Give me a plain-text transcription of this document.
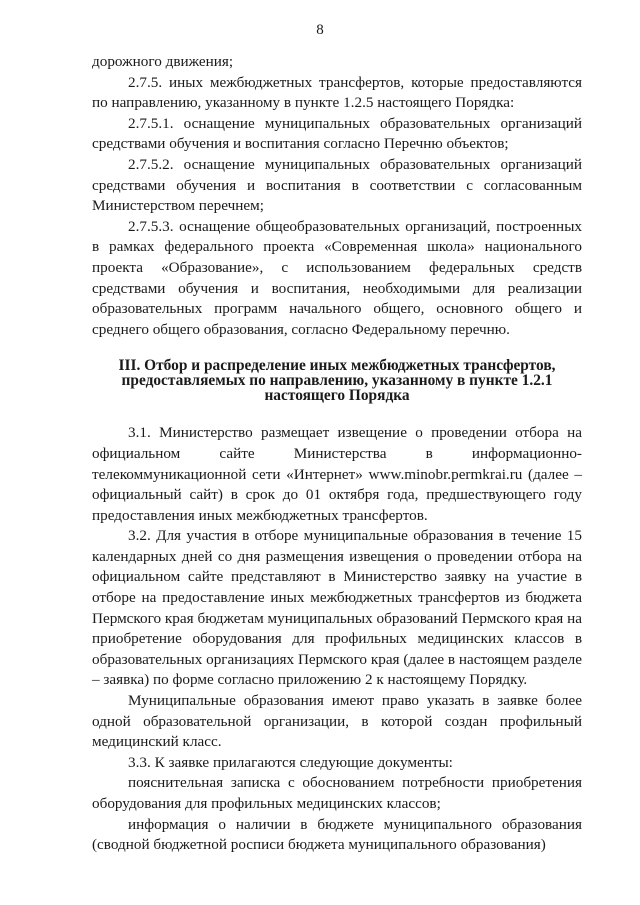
8

дорожного движения;

2.7.5. иных межбюджетных трансфертов, которые предоставляются по направлению, указанному в пункте 1.2.5 настоящего Порядка:

2.7.5.1. оснащение муниципальных образовательных организаций средствами обучения и воспитания согласно Перечню объектов;

2.7.5.2. оснащение муниципальных образовательных организаций средствами обучения и воспитания в соответствии с согласованным Министерством перечнем;

2.7.5.3. оснащение общеобразовательных организаций, построенных в рамках федерального проекта «Современная школа» национального проекта «Образование», с использованием федеральных средств средствами обучения и воспитания, необходимыми для реализации образовательных программ начального общего, основного общего и среднего общего образования, согласно Федеральному перечню.

III. Отбор и распределение иных межбюджетных трансфертов,
предоставляемых по направлению, указанному в пункте 1.2.1
настоящего Порядка

3.1. Министерство размещает извещение о проведении отбора на официальном сайте Министерства в информационно-телекоммуникационной сети «Интернет» www.minobr.permkrai.ru (далее – официальный сайт) в срок до 01 октября года, предшествующего году предоставления иных межбюджетных трансфертов.

3.2. Для участия в отборе муниципальные образования в течение 15 календарных дней со дня размещения извещения о проведении отбора на официальном сайте представляют в Министерство заявку на участие в отборе на предоставление иных межбюджетных трансфертов из бюджета Пермского края бюджетам муниципальных образований Пермского края на приобретение оборудования для профильных медицинских классов в образовательных организациях Пермского края (далее в настоящем разделе – заявка) по форме согласно приложению 2 к настоящему Порядку.

Муниципальные образования имеют право указать в заявке более одной образовательной организации, в которой создан профильный медицинский класс.

3.3. К заявке прилагаются следующие документы:

пояснительная записка с обоснованием потребности приобретения оборудования для профильных медицинских классов;

информация о наличии в бюджете муниципального образования (сводной бюджетной росписи бюджета муниципального образования)
